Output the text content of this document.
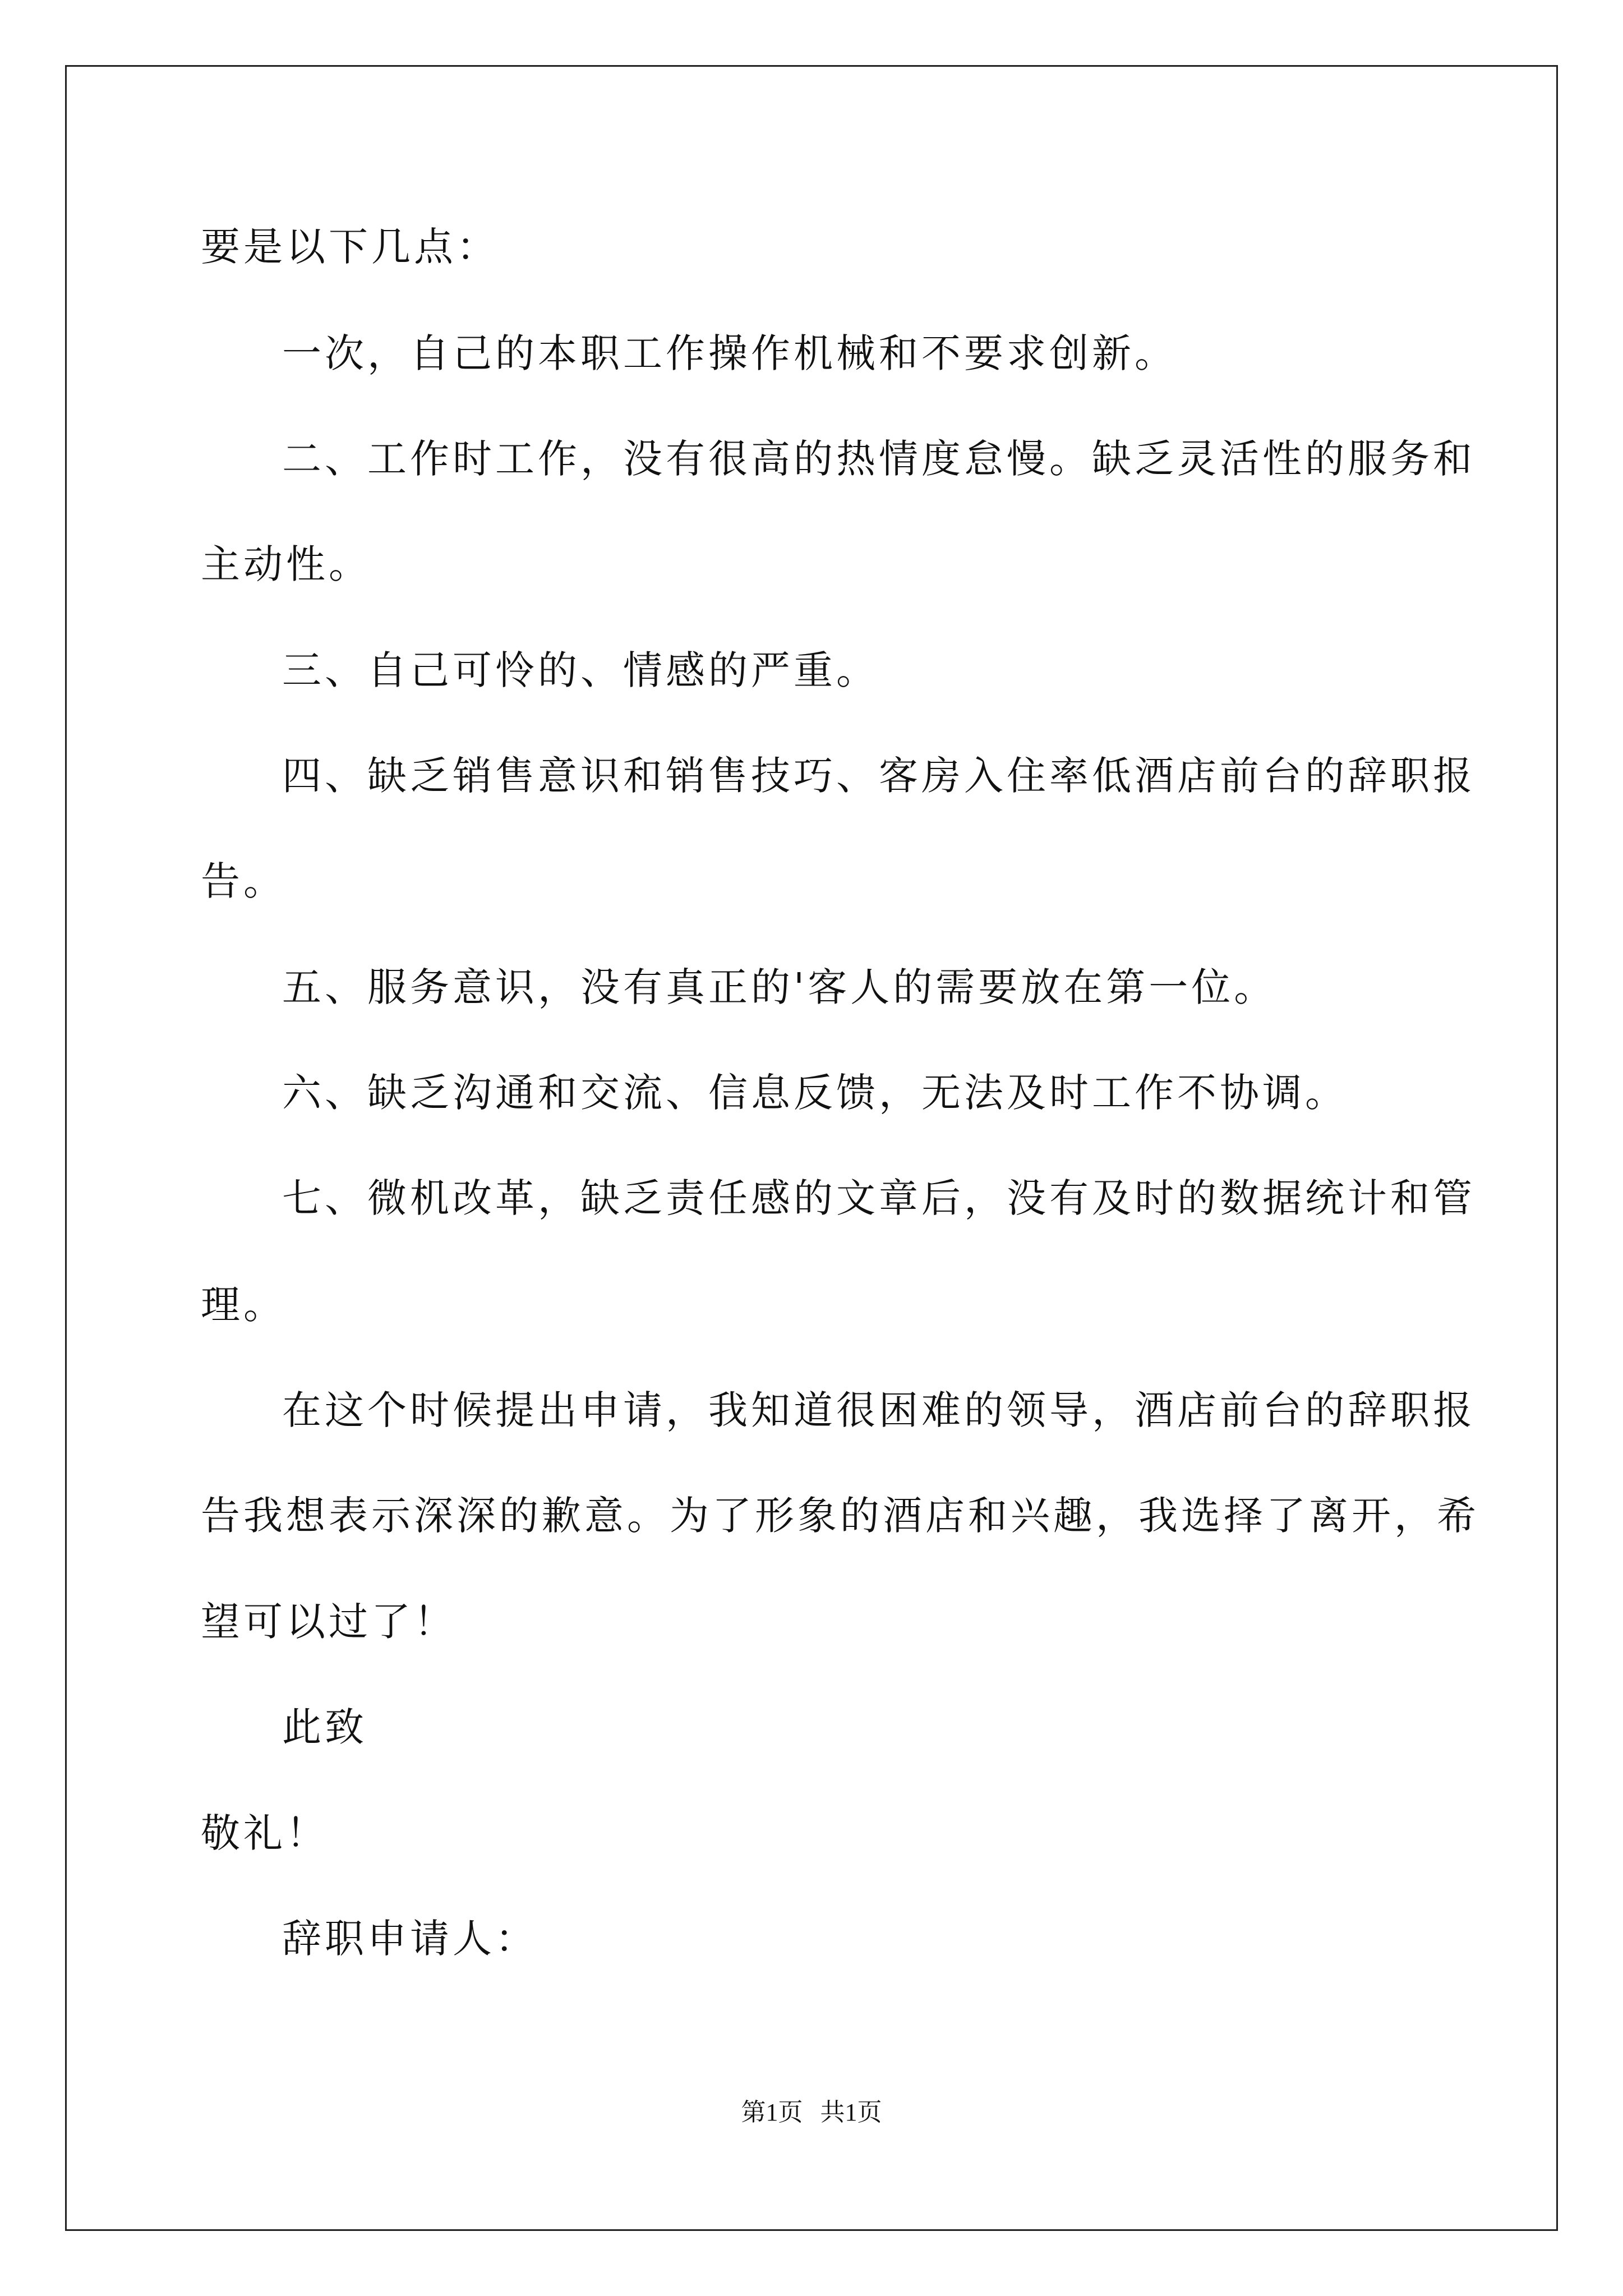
要是以下几点：

一次，自己的本职工作操作机械和不要求创新。

二、工作时工作，没有很高的热情度怠慢。缺乏灵活性的服务和

主动性。

三、自己可怜的、情感的严重。

四、缺乏销售意识和销售技巧、客房入住率低酒店前台的辞职报

告。

五、服务意识，没有真正的'客人的需要放在第一位。

六、缺乏沟通和交流、信息反馈，无法及时工作不协调。

七、微机改革，缺乏责任感的文章后，没有及时的数据统计和管

理。

在这个时候提出申请，我知道很困难的领导，酒店前台的辞职报

告我想表示深深的歉意。为了形象的酒店和兴趣，我选择了离开，希

望可以过了！

此致

敬礼！

辞职申请人：

第1页 共1页
